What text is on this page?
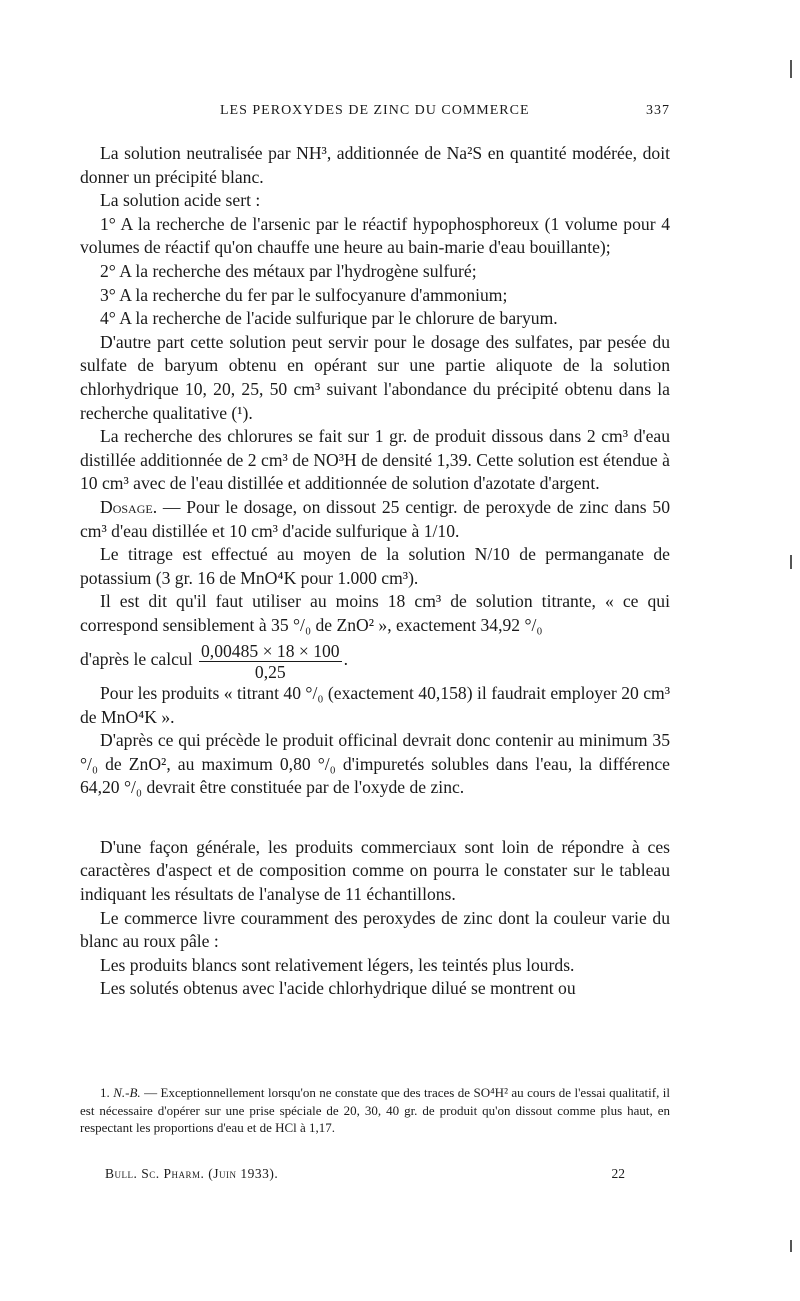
LES PEROXYDES DE ZINC DU COMMERCE	337

La solution neutralisée par NH³, additionnée de Na²S en quantité modérée, doit donner un précipité blanc.

La solution acide sert :

1° A la recherche de l'arsenic par le réactif hypophosphoreux (1 volume pour 4 volumes de réactif qu'on chauffe une heure au bain-marie d'eau bouillante);

2° A la recherche des métaux par l'hydrogène sulfuré;

3° A la recherche du fer par le sulfocyanure d'ammonium;

4° A la recherche de l'acide sulfurique par le chlorure de baryum.

D'autre part cette solution peut servir pour le dosage des sulfates, par pesée du sulfate de baryum obtenu en opérant sur une partie aliquote de la solution chlorhydrique 10, 20, 25, 50 cm³ suivant l'abondance du précipité obtenu dans la recherche qualitative (¹).

La recherche des chlorures se fait sur 1 gr. de produit dissous dans 2 cm³ d'eau distillée additionnée de 2 cm³ de NO³H de densité 1,39. Cette solution est étendue à 10 cm³ avec de l'eau distillée et additionnée de solution d'azotate d'argent.

Dosage. — Pour le dosage, on dissout 25 centigr. de peroxyde de zinc dans 50 cm³ d'eau distillée et 10 cm³ d'acide sulfurique à 1/10.

Le titrage est effectué au moyen de la solution N/10 de permanganate de potassium (3 gr. 16 de MnO⁴K pour 1.000 cm³).

Il est dit qu'il faut utiliser au moins 18 cm³ de solution titrante, « ce qui correspond sensiblement à 35 °/₀ de ZnO² », exactement 34,92 °/₀

d'après le calcul $\frac{0,00485 \times 18 \times 100}{0,25}$ .

Pour les produits « titrant 40 °/₀ (exactement 40,158) il faudrait employer 20 cm³ de MnO⁴K ».

D'après ce qui précède le produit officinal devrait donc contenir au minimum 35 °/₀ de ZnO², au maximum 0,80 °/₀ d'impuretés solubles dans l'eau, la différence 64,20 °/₀ devrait être constituée par de l'oxyde de zinc.

D'une façon générale, les produits commerciaux sont loin de répondre à ces caractères d'aspect et de composition comme on pourra le constater sur le tableau indiquant les résultats de l'analyse de 11 échantillons.

Le commerce livre couramment des peroxydes de zinc dont la couleur varie du blanc au roux pâle :

Les produits blancs sont relativement légers, les teintés plus lourds.

Les solutés obtenus avec l'acide chlorhydrique dilué se montrent ou

1. N.-B. — Exceptionnellement lorsqu'on ne constate que des traces de SO⁴H² au cours de l'essai qualitatif, il est nécessaire d'opérer sur une prise spéciale de 20, 30, 40 gr. de produit qu'on dissout comme plus haut, en respectant les proportions d'eau et de HCl à 1,17.

Bull. Sc. Pharm. (Juin 1933).	22
